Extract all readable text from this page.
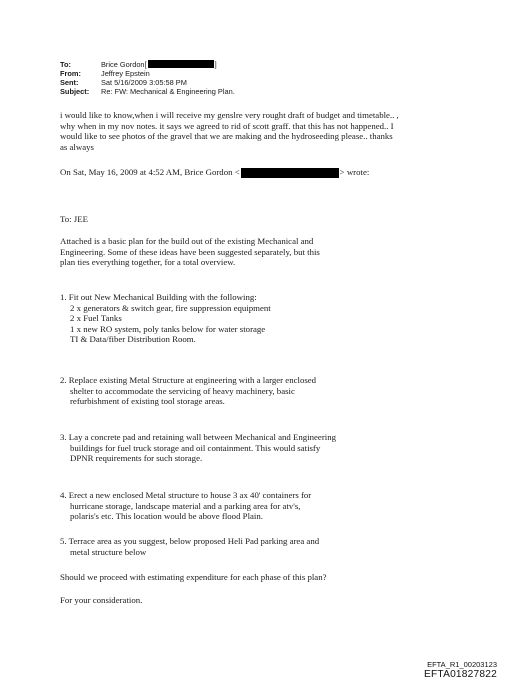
To:	Brice Gordon[	]
From:	Jeffrey Epstein
Sent:	Sat 5/16/2009 3:05:58 PM
Subject:	Re: FW: Mechanical & Engineering Plan.
i would like to know,when i will receive my genslre very rought draft of budget and timetable.. ,
why when in my nov notes. it says we agreed to rid of scott graff. that this has not happened.. I
would like to see photos of the gravel that we are making and the hydroseeding please.. thanks
as always
On Sat, May 16, 2009 at 4:52 AM, Brice Gordon <	> wrote:
To: JEE
Attached is a basic plan for the build out of the existing Mechanical and
Engineering. Some of these ideas have been suggested separately, but this
plan ties everything together, for a total overview.
1. Fit out New Mechanical Building with the following:
2 x generators & switch gear, fire suppression equipment
2 x Fuel Tanks
1 x new RO system, poly tanks below for water storage
TI & Data/fiber Distribution Room.
2. Replace existing Metal Structure at engineering with a larger enclosed
shelter to accommodate the servicing of heavy machinery, basic
refurbishment of existing tool storage areas.
3. Lay a concrete pad and retaining wall between Mechanical and Engineering
buildings for fuel truck storage and oil containment. This would satisfy
DPNR requirements for such storage.
4. Erect a new enclosed Metal structure to house 3 ax 40' containers for
hurricane storage, landscape material and a parking area for atv's,
polaris's etc. This location would be above flood Plain.
5. Terrace area as you suggest, below proposed Heli Pad parking area and
metal structure below
Should we proceed with estimating expenditure for each phase of this plan?
For your consideration.
EFTA_R1_00203123
EFTA01827822
